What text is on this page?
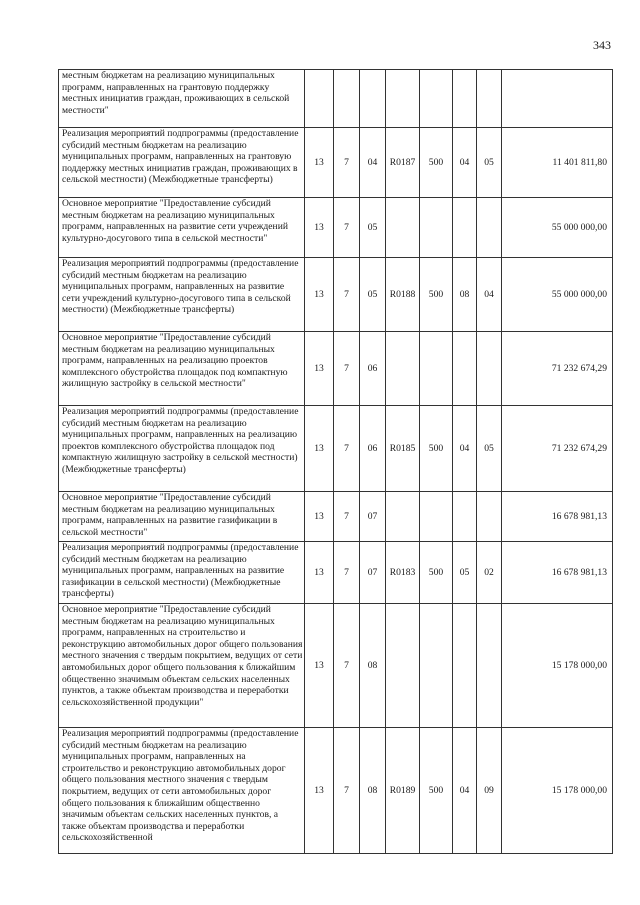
343
местным бюджетам на реализацию муниципальных программ, направленных на грантовую поддержку местных инициатив граждан, проживающих в сельской местности"								
Реализация мероприятий подпрограммы (предоставление субсидий местным бюджетам на реализацию муниципальных программ, направленных на грантовую поддержку местных инициатив граждан, проживающих в сельской местности) (Межбюджетные трансферты)	13	7	04	R0187	500	04	05	11 401 811,80
Основное мероприятие "Предоставление субсидий местным бюджетам на реализацию муниципальных программ, направленных на развитие сети учреждений культурно-досугового типа в сельской местности"	13	7	05					55 000 000,00
Реализация мероприятий подпрограммы (предоставление субсидий местным бюджетам на реализацию муниципальных программ, направленных на развитие сети учреждений культурно-досугового типа в сельской местности) (Межбюджетные трансферты)	13	7	05	R0188	500	08	04	55 000 000,00
Основное мероприятие "Предоставление субсидий местным бюджетам на реализацию муниципальных программ, направленных на реализацию проектов комплексного обустройства площадок под компактную жилищную застройку в сельской местности"	13	7	06					71 232 674,29
Реализация мероприятий подпрограммы (предоставление субсидий местным бюджетам на реализацию муниципальных программ, направленных на реализацию проектов комплексного обустройства площадок под компактную жилищную застройку в сельской местности) (Межбюджетные трансферты)	13	7	06	R0185	500	04	05	71 232 674,29
Основное мероприятие "Предоставление субсидий местным бюджетам на реализацию муниципальных программ, направленных на развитие газификации в сельской местности"	13	7	07					16 678 981,13
Реализация мероприятий подпрограммы (предоставление субсидий местным бюджетам на реализацию муниципальных программ, направленных на развитие газификации в сельской местности) (Межбюджетные трансферты)	13	7	07	R0183	500	05	02	16 678 981,13
Основное мероприятие "Предоставление субсидий местным бюджетам на реализацию муниципальных программ, направленных на строительство и реконструкцию автомобильных дорог общего пользования местного значения с твердым покрытием, ведущих от сети автомобильных дорог общего пользования к ближайшим общественно значимым объектам сельских населенных пунктов, а также объектам производства и переработки сельскохозяйственной продукции"	13	7	08					15 178 000,00
Реализация мероприятий подпрограммы (предоставление субсидий местным бюджетам на реализацию муниципальных программ, направленных на строительство и реконструкцию автомобильных дорог общего пользования местного значения с твердым покрытием, ведущих от сети автомобильных дорог общего пользования к ближайшим общественно значимым объектам сельских населенных пунктов, а также объектам производства и переработки сельскохозяйственной	13	7	08	R0189	500	04	09	15 178 000,00
